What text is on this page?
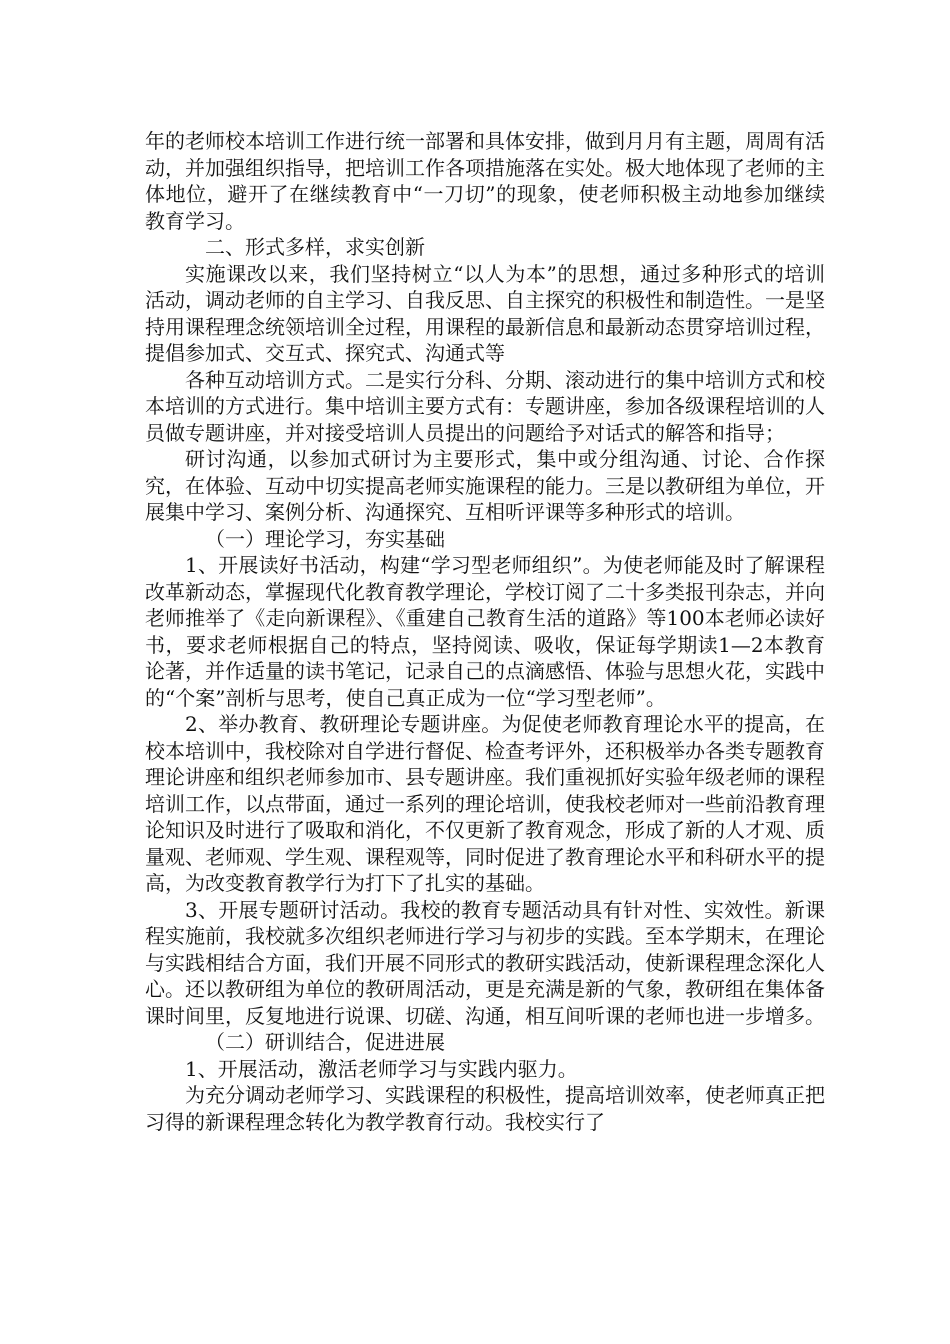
年的老师校本培训工作进行统一部署和具体安排，做到月月有主题，周周有活动，并加强组织指导，把培训工作各项措施落在实处。极大地体现了老师的主体地位，避开了在继续教育中“一刀切”的现象，使老师积极主动地参加继续教育学习。

二、形式多样，求实创新

实施课改以来，我们坚持树立“以人为本”的思想，通过多种形式的培训活动，调动老师的自主学习、自我反思、自主探究的积极性和制造性。一是坚持用课程理念统领培训全过程，用课程的最新信息和最新动态贯穿培训过程，提倡参加式、交互式、探究式、沟通式等

各种互动培训方式。二是实行分科、分期、滚动进行的集中培训方式和校本培训的方式进行。集中培训主要方式有：专题讲座，参加各级课程培训的人员做专题讲座，并对接受培训人员提出的问题给予对话式的解答和指导；

研讨沟通，以参加式研讨为主要形式，集中或分组沟通、讨论、合作探究，在体验、互动中切实提高老师实施课程的能力。三是以教研组为单位，开展集中学习、案例分析、沟通探究、互相听评课等多种形式的培训。

（一）理论学习，夯实基础

1、开展读好书活动，构建“学习型老师组织”。为使老师能及时了解课程改革新动态，掌握现代化教育教学理论，学校订阅了二十多类报刊杂志，并向老师推举了《走向新课程》、《重建自己教育生活的道路》等100本老师必读好书，要求老师根据自己的特点，坚持阅读、吸收，保证每学期读1—2本教育论著，并作适量的读书笔记，记录自己的点滴感悟、体验与思想火花，实践中的“个案”剖析与思考，使自己真正成为一位“学习型老师”。

2、举办教育、教研理论专题讲座。为促使老师教育理论水平的提高，在校本培训中，我校除对自学进行督促、检查考评外，还积极举办各类专题教育理论讲座和组织老师参加市、县专题讲座。我们重视抓好实验年级老师的课程培训工作，以点带面，通过一系列的理论培训，使我校老师对一些前沿教育理论知识及时进行了吸取和消化，不仅更新了教育观念，形成了新的人才观、质量观、老师观、学生观、课程观等，同时促进了教育理论水平和科研水平的提高，为改变教育教学行为打下了扎实的基础。

3、开展专题研讨活动。我校的教育专题活动具有针对性、实效性。新课程实施前，我校就多次组织老师进行学习与初步的实践。至本学期末，在理论与实践相结合方面，我们开展不同形式的教研实践活动，使新课程理念深化人心。还以教研组为单位的教研周活动，更是充满是新的气象，教研组在集体备课时间里，反复地进行说课、切磋、沟通，相互间听课的老师也进一步增多。

（二）研训结合，促进进展

1、开展活动，激活老师学习与实践内驱力。

为充分调动老师学习、实践课程的积极性，提高培训效率，使老师真正把习得的新课程理念转化为教学教育行动。我校实行了
